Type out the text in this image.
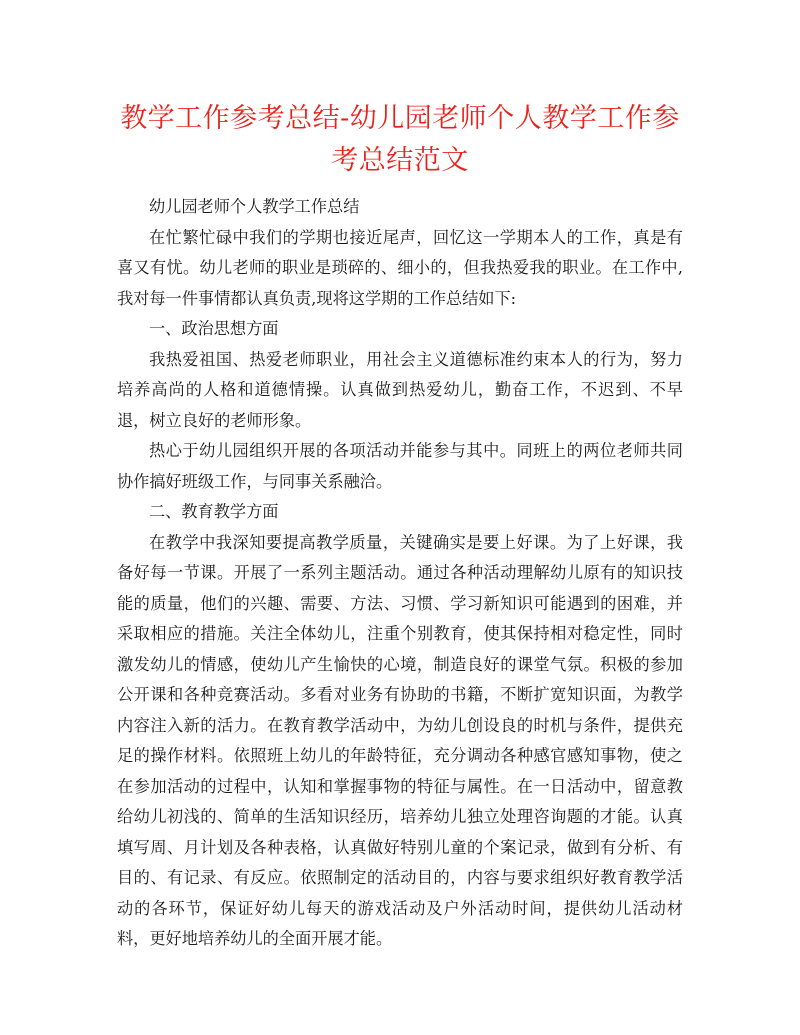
教学工作参考总结-幼儿园老师个人教学工作参考总结范文

幼儿园老师个人教学工作总结

在忙繁忙碌中我们的学期也接近尾声，回忆这一学期本人的工作，真是有喜又有忧。幼儿老师的职业是琐碎的、细小的，但我热爱我的职业。在工作中,我对每一件事情都认真负责,现将这学期的工作总结如下:

一、政治思想方面

我热爱祖国、热爱老师职业，用社会主义道德标准约束本人的行为，努力培养高尚的人格和道德情操。认真做到热爱幼儿，勤奋工作，不迟到、不早退，树立良好的老师形象。

热心于幼儿园组织开展的各项活动并能参与其中。同班上的两位老师共同协作搞好班级工作，与同事关系融洽。

二、教育教学方面

在教学中我深知要提高教学质量，关键确实是要上好课。为了上好课，我备好每一节课。开展了一系列主题活动。通过各种活动理解幼儿原有的知识技能的质量，他们的兴趣、需要、方法、习惯、学习新知识可能遇到的困难，并采取相应的措施。关注全体幼儿，注重个别教育，使其保持相对稳定性，同时激发幼儿的情感，使幼儿产生愉快的心境，制造良好的课堂气氛。积极的参加公开课和各种竞赛活动。多看对业务有协助的书籍，不断扩宽知识面，为教学内容注入新的活力。在教育教学活动中，为幼儿创设良的时机与条件，提供充足的操作材料。依照班上幼儿的年龄特征，充分调动各种感官感知事物，使之在参加活动的过程中，认知和掌握事物的特征与属性。在一日活动中，留意教给幼儿初浅的、简单的生活知识经历，培养幼儿独立处理咨询题的才能。认真填写周、月计划及各种表格，认真做好特别儿童的个案记录，做到有分析、有目的、有记录、有反应。依照制定的活动目的，内容与要求组织好教育教学活动的各环节，保证好幼儿每天的游戏活动及户外活动时间，提供幼儿活动材料，更好地培养幼儿的全面开展才能。
